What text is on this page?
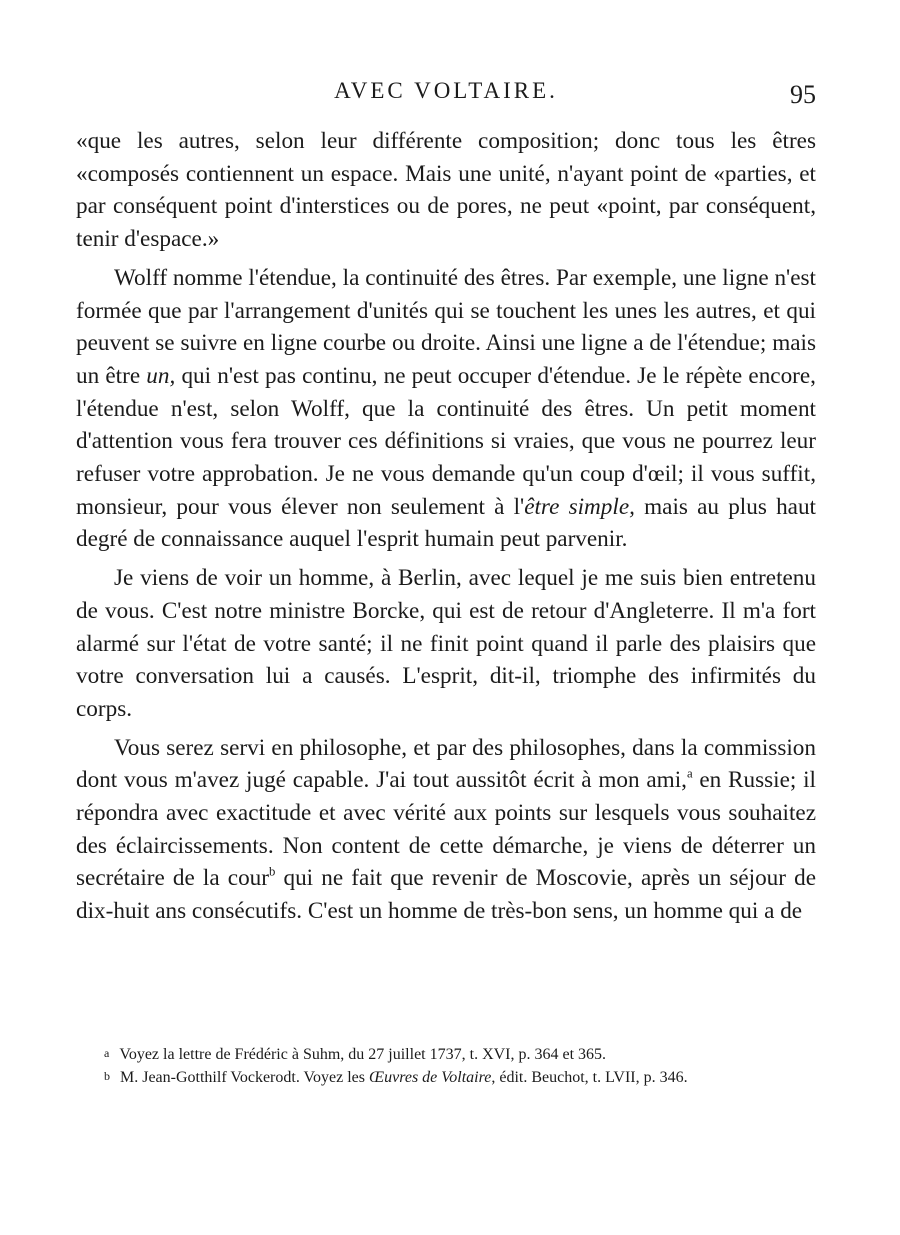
AVEC VOLTAIRE.	95

«que les autres, selon leur différente composition; donc tous les êtres «composés contiennent un espace. Mais une unité, n'ayant point de «parties, et par conséquent point d'interstices ou de pores, ne peut «point, par conséquent, tenir d'espace.»

Wolff nomme l'étendue, la continuité des êtres. Par exemple, une ligne n'est formée que par l'arrangement d'unités qui se touchent les unes les autres, et qui peuvent se suivre en ligne courbe ou droite. Ainsi une ligne a de l'étendue; mais un être un, qui n'est pas continu, ne peut occuper d'étendue. Je le répète encore, l'étendue n'est, selon Wolff, que la continuité des êtres. Un petit moment d'attention vous fera trouver ces définitions si vraies, que vous ne pourrez leur refuser votre approbation. Je ne vous demande qu'un coup d'œil; il vous suffit, monsieur, pour vous élever non seulement à l'être simple, mais au plus haut degré de connaissance auquel l'esprit humain peut parvenir.

Je viens de voir un homme, à Berlin, avec lequel je me suis bien entretenu de vous. C'est notre ministre Borcke, qui est de retour d'Angleterre. Il m'a fort alarmé sur l'état de votre santé; il ne finit point quand il parle des plaisirs que votre conversation lui a causés. L'esprit, dit-il, triomphe des infirmités du corps.

Vous serez servi en philosophe, et par des philosophes, dans la commission dont vous m'avez jugé capable. J'ai tout aussitôt écrit à mon ami,$^a$ en Russie; il répondra avec exactitude et avec vérité aux points sur lesquels vous souhaitez des éclaircissements. Non content de cette démarche, je viens de déterrer un secrétaire de la cour$^b$ qui ne fait que revenir de Moscovie, après un séjour de dix-huit ans consécutifs. C'est un homme de très-bon sens, un homme qui a de

$^a$ Voyez la lettre de Frédéric à Suhm, du 27 juillet 1737, t. XVI, p. 364 et 365.

$^b$ M. Jean-Gotthilf Vockerodt. Voyez les Œuvres de Voltaire, édit. Beuchot, t. LVII, p. 346.
